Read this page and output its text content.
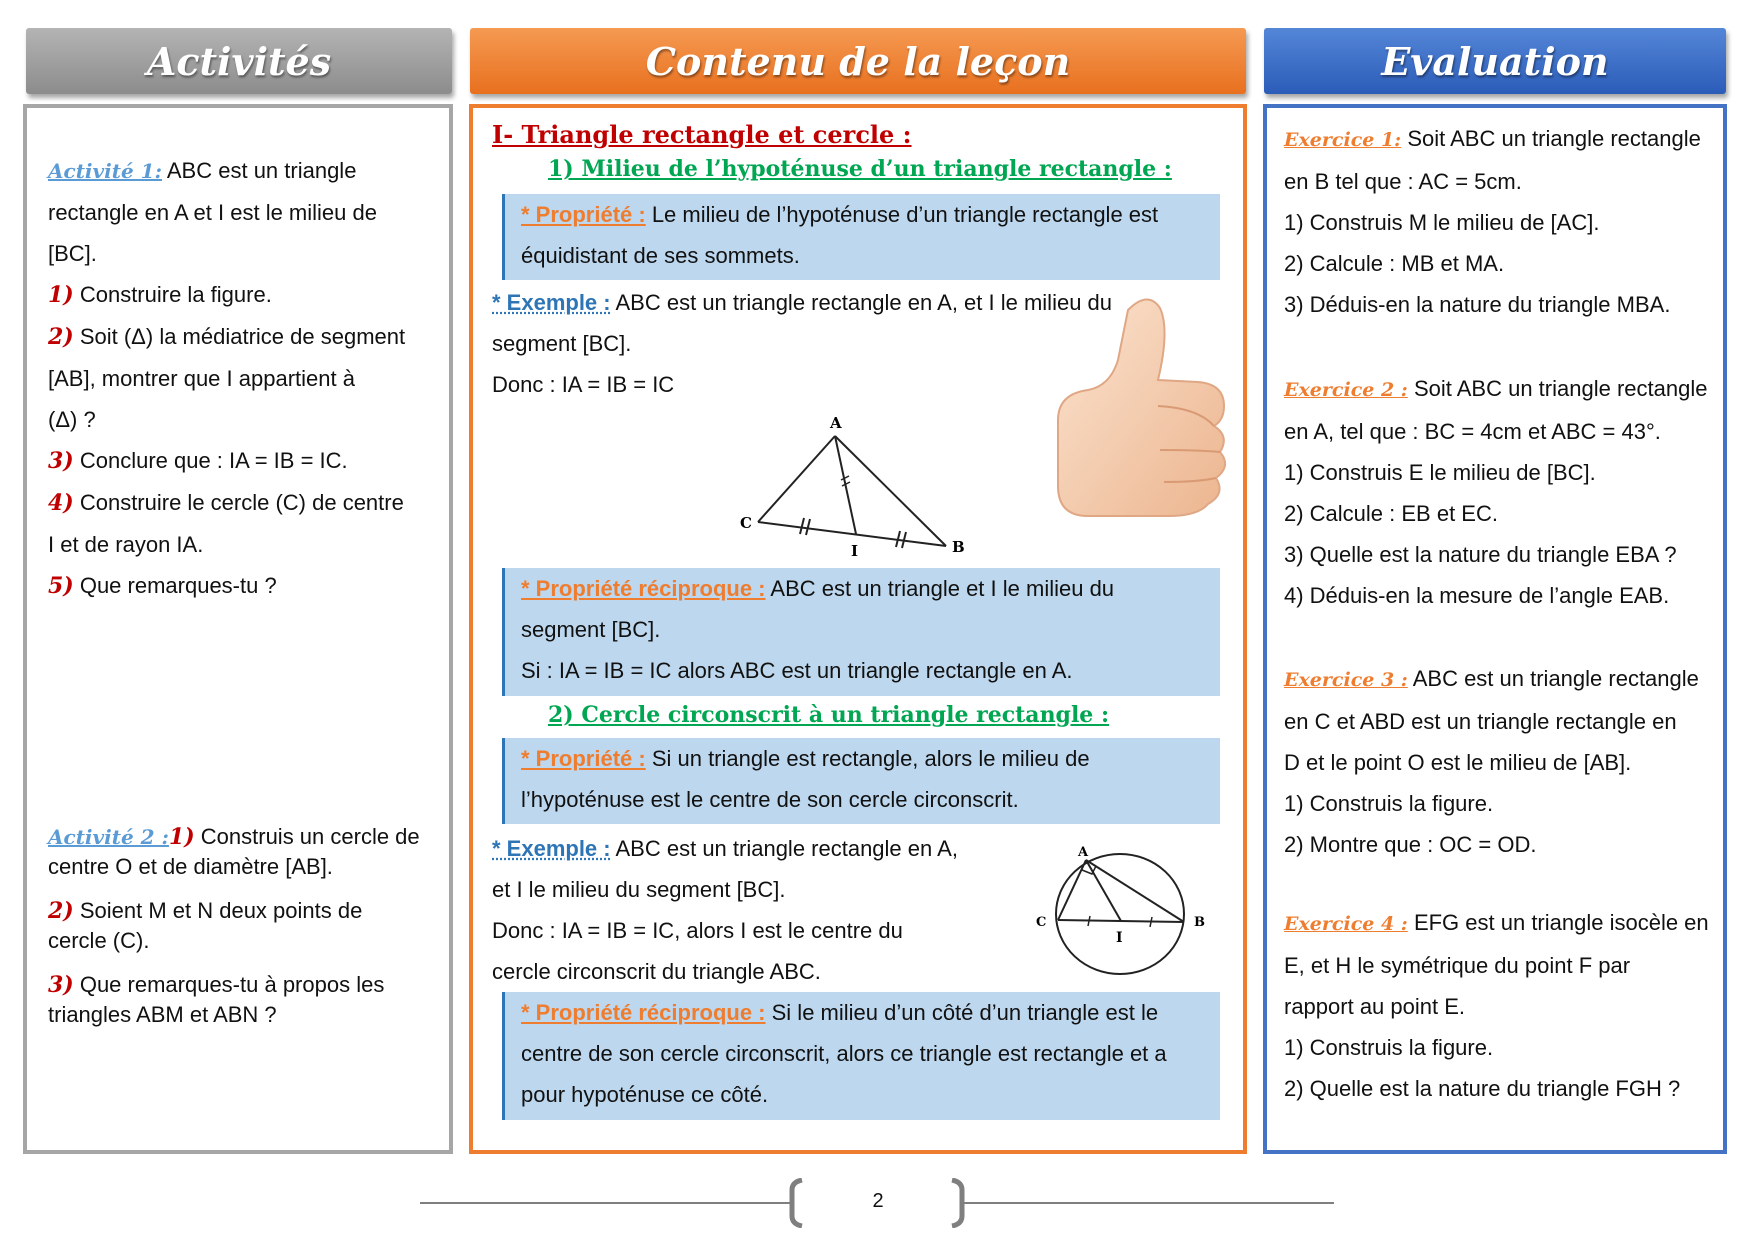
Activités	Contenu de la leçon	Evaluation
Activité 1: ABC est un triangle
rectangle en A et I est le milieu de
[BC].
1) Construire la figure.
2) Soit (Δ) la médiatrice de segment
[AB], montrer que I appartient à
(Δ) ?
3) Conclure que : IA = IB = IC.
4) Construire le cercle (C) de centre
I et de rayon IA.
5) Que remarques-tu ?
Activité 2 :1) Construis un cercle de
centre O et de diamètre [AB].
2) Soient M et N deux points de
cercle (C).
3) Que remarques-tu à propos les
triangles ABM et ABN ?
I- Triangle rectangle et cercle :
1) Milieu de l’hypoténuse d’un triangle rectangle :
* Propriété : Le milieu de l’hypoténuse d’un triangle rectangle est
équidistant de ses sommets.
* Exemple : ABC est un triangle rectangle en A, et I le milieu du
segment [BC].
Donc : IA = IB = IC
A
C
B
I
* Propriété réciproque : ABC est un triangle et I le milieu du
segment [BC].
Si : IA = IB = IC alors ABC est un triangle rectangle en A.
2) Cercle circonscrit à un triangle rectangle :
* Propriété : Si un triangle est rectangle, alors le milieu de
l’hypoténuse est le centre de son cercle circonscrit.
* Exemple : ABC est un triangle rectangle en A,
et I le milieu du segment [BC].
Donc : IA = IB = IC, alors I est le centre du
cercle circonscrit du triangle ABC.
A
C	B
I
* Propriété réciproque : Si le milieu d’un côté d’un triangle est le
centre de son cercle circonscrit, alors ce triangle est rectangle et a
pour hypoténuse ce côté.
Exercice 1: Soit ABC un triangle rectangle
en B tel que : AC = 5cm.
1) Construis M le milieu de [AC].
2) Calcule : MB et MA.
3) Déduis-en la nature du triangle MBA.
Exercice 2 : Soit ABC un triangle rectangle
en A, tel que : BC = 4cm et ABC = 43°.
1) Construis E le milieu de [BC].
2) Calcule : EB et EC.
3) Quelle est la nature du triangle EBA ?
4) Déduis-en la mesure de l’angle EAB.
Exercice 3 : ABC est un triangle rectangle
en C et ABD est un triangle rectangle en
D et le point O est le milieu de [AB].
1) Construis la figure.
2) Montre que : OC = OD.
Exercice 4 : EFG est un triangle isocèle en
E, et H le symétrique du point F par
rapport au point E.
1) Construis la figure.
2) Quelle est la nature du triangle FGH ?
2
